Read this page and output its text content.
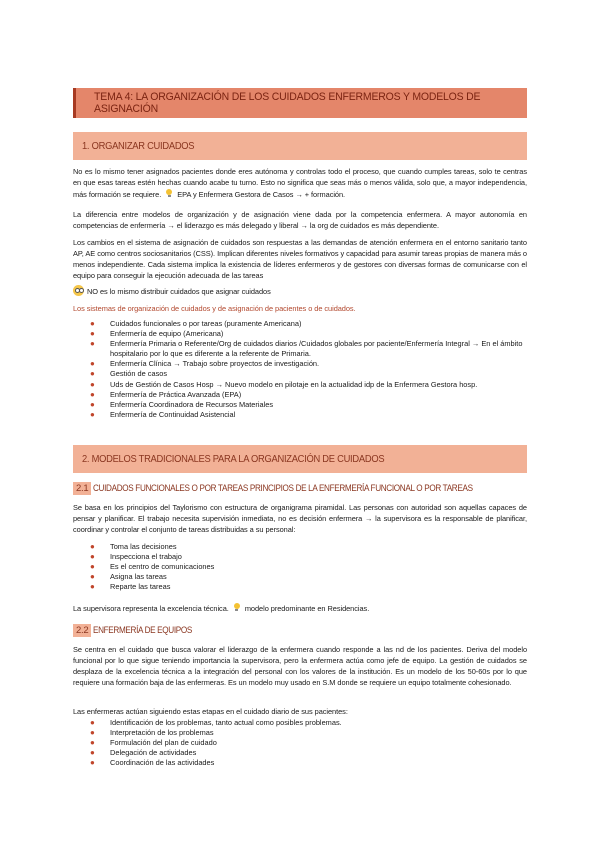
TEMA 4: LA ORGANIZACIÓN DE LOS CUIDADOS ENFERMEROS Y MODELOS DE ASIGNACIÓN
1. ORGANIZAR CUIDADOS

No es lo mismo tener asignados pacientes donde eres autónoma y controlas todo el proceso, que cuando cumples tareas, solo te centras en que esas tareas estén hechas cuando acabe tu turno. Esto no significa que seas más o menos válida, solo que, a mayor independencia, más formación se requiere. EPA y Enfermera Gestora de Casos → + formación.

La diferencia entre modelos de organización y de asignación viene dada por la competencia enfermera. A mayor autonomía en competencias de enfermería → el liderazgo es más delegado y liberal → la org de cuidados es más dependiente.

Los cambios en el sistema de asignación de cuidados son respuestas a las demandas de atención enfermera en el entorno sanitario tanto AP, AE como centros sociosanitarios (CSS). Implican diferentes niveles formativos y capacidad para asumir tareas propias de manera más o menos independiente. Cada sistema implica la existencia de líderes enfermeros y de gestores con diversas formas de comunicarse con el equipo para conseguir la ejecución adecuada de las tareas

NO es lo mismo distribuir cuidados que asignar cuidados

Los sistemas de organización de cuidados y de asignación de pacientes o de cuidados.

● Cuidados funcionales o por tareas (puramente Americana)
● Enfermería de equipo (Americana)
● Enfermería Primaria o Referente/Org de cuidados diarios /Cuidados globales por paciente/Enfermería Integral → En el ámbito hospitalario por lo que es diferente a la referente de Primaria.
● Enfermería Clínica → Trabajo sobre proyectos de investigación.
● Gestión de casos
● Uds de Gestión de Casos Hosp → Nuevo modelo en pilotaje en la actualidad idp de la Enfermera Gestora hosp.
● Enfermería de Práctica Avanzada (EPA)
● Enfermería Coordinadora de Recursos Materiales
● Enfermería de Continuidad Asistencial
2. MODELOS TRADICIONALES PARA LA ORGANIZACIÓN DE CUIDADOS
2.1 CUIDADOS FUNCIONALES O POR TAREAS PRINCIPIOS DE LA ENFERMERÍA FUNCIONAL O POR TAREAS

Se basa en los principios del Taylorismo con estructura de organigrama piramidal. Las personas con autoridad son aquellas capaces de pensar y planificar. El trabajo necesita supervisión inmediata, no es decisión enfermera → la supervisora es la responsable de planificar, coordinar y controlar el conjunto de tareas distribuidas a su personal:

● Toma las decisiones
● Inspecciona el trabajo
● Es el centro de comunicaciones
● Asigna las tareas
● Reparte las tareas

La supervisora representa la excelencia técnica. modelo predominante en Residencias.

2.2 ENFERMERÍA DE EQUIPOS

Se centra en el cuidado que busca valorar el liderazgo de la enfermera cuando responde a las nd de los pacientes. Deriva del modelo funcional por lo que sigue teniendo importancia la supervisora, pero la enfermera actúa como jefe de equipo. La gestión de cuidados se desplaza de la excelencia técnica a la integración del personal con los valores de la institución. Es un modelo de los 50-60s por lo que requiere una formación baja de las enfermeras. Es un modelo muy usado en S.M donde se requiere un equipo totalmente cohesionado.

Las enfermeras actúan siguiendo estas etapas en el cuidado diario de sus pacientes:

● Identificación de los problemas, tanto actual como posibles problemas.
● Interpretación de los problemas
● Formulación del plan de cuidado
● Delegación de actividades
● Coordinación de las actividades
